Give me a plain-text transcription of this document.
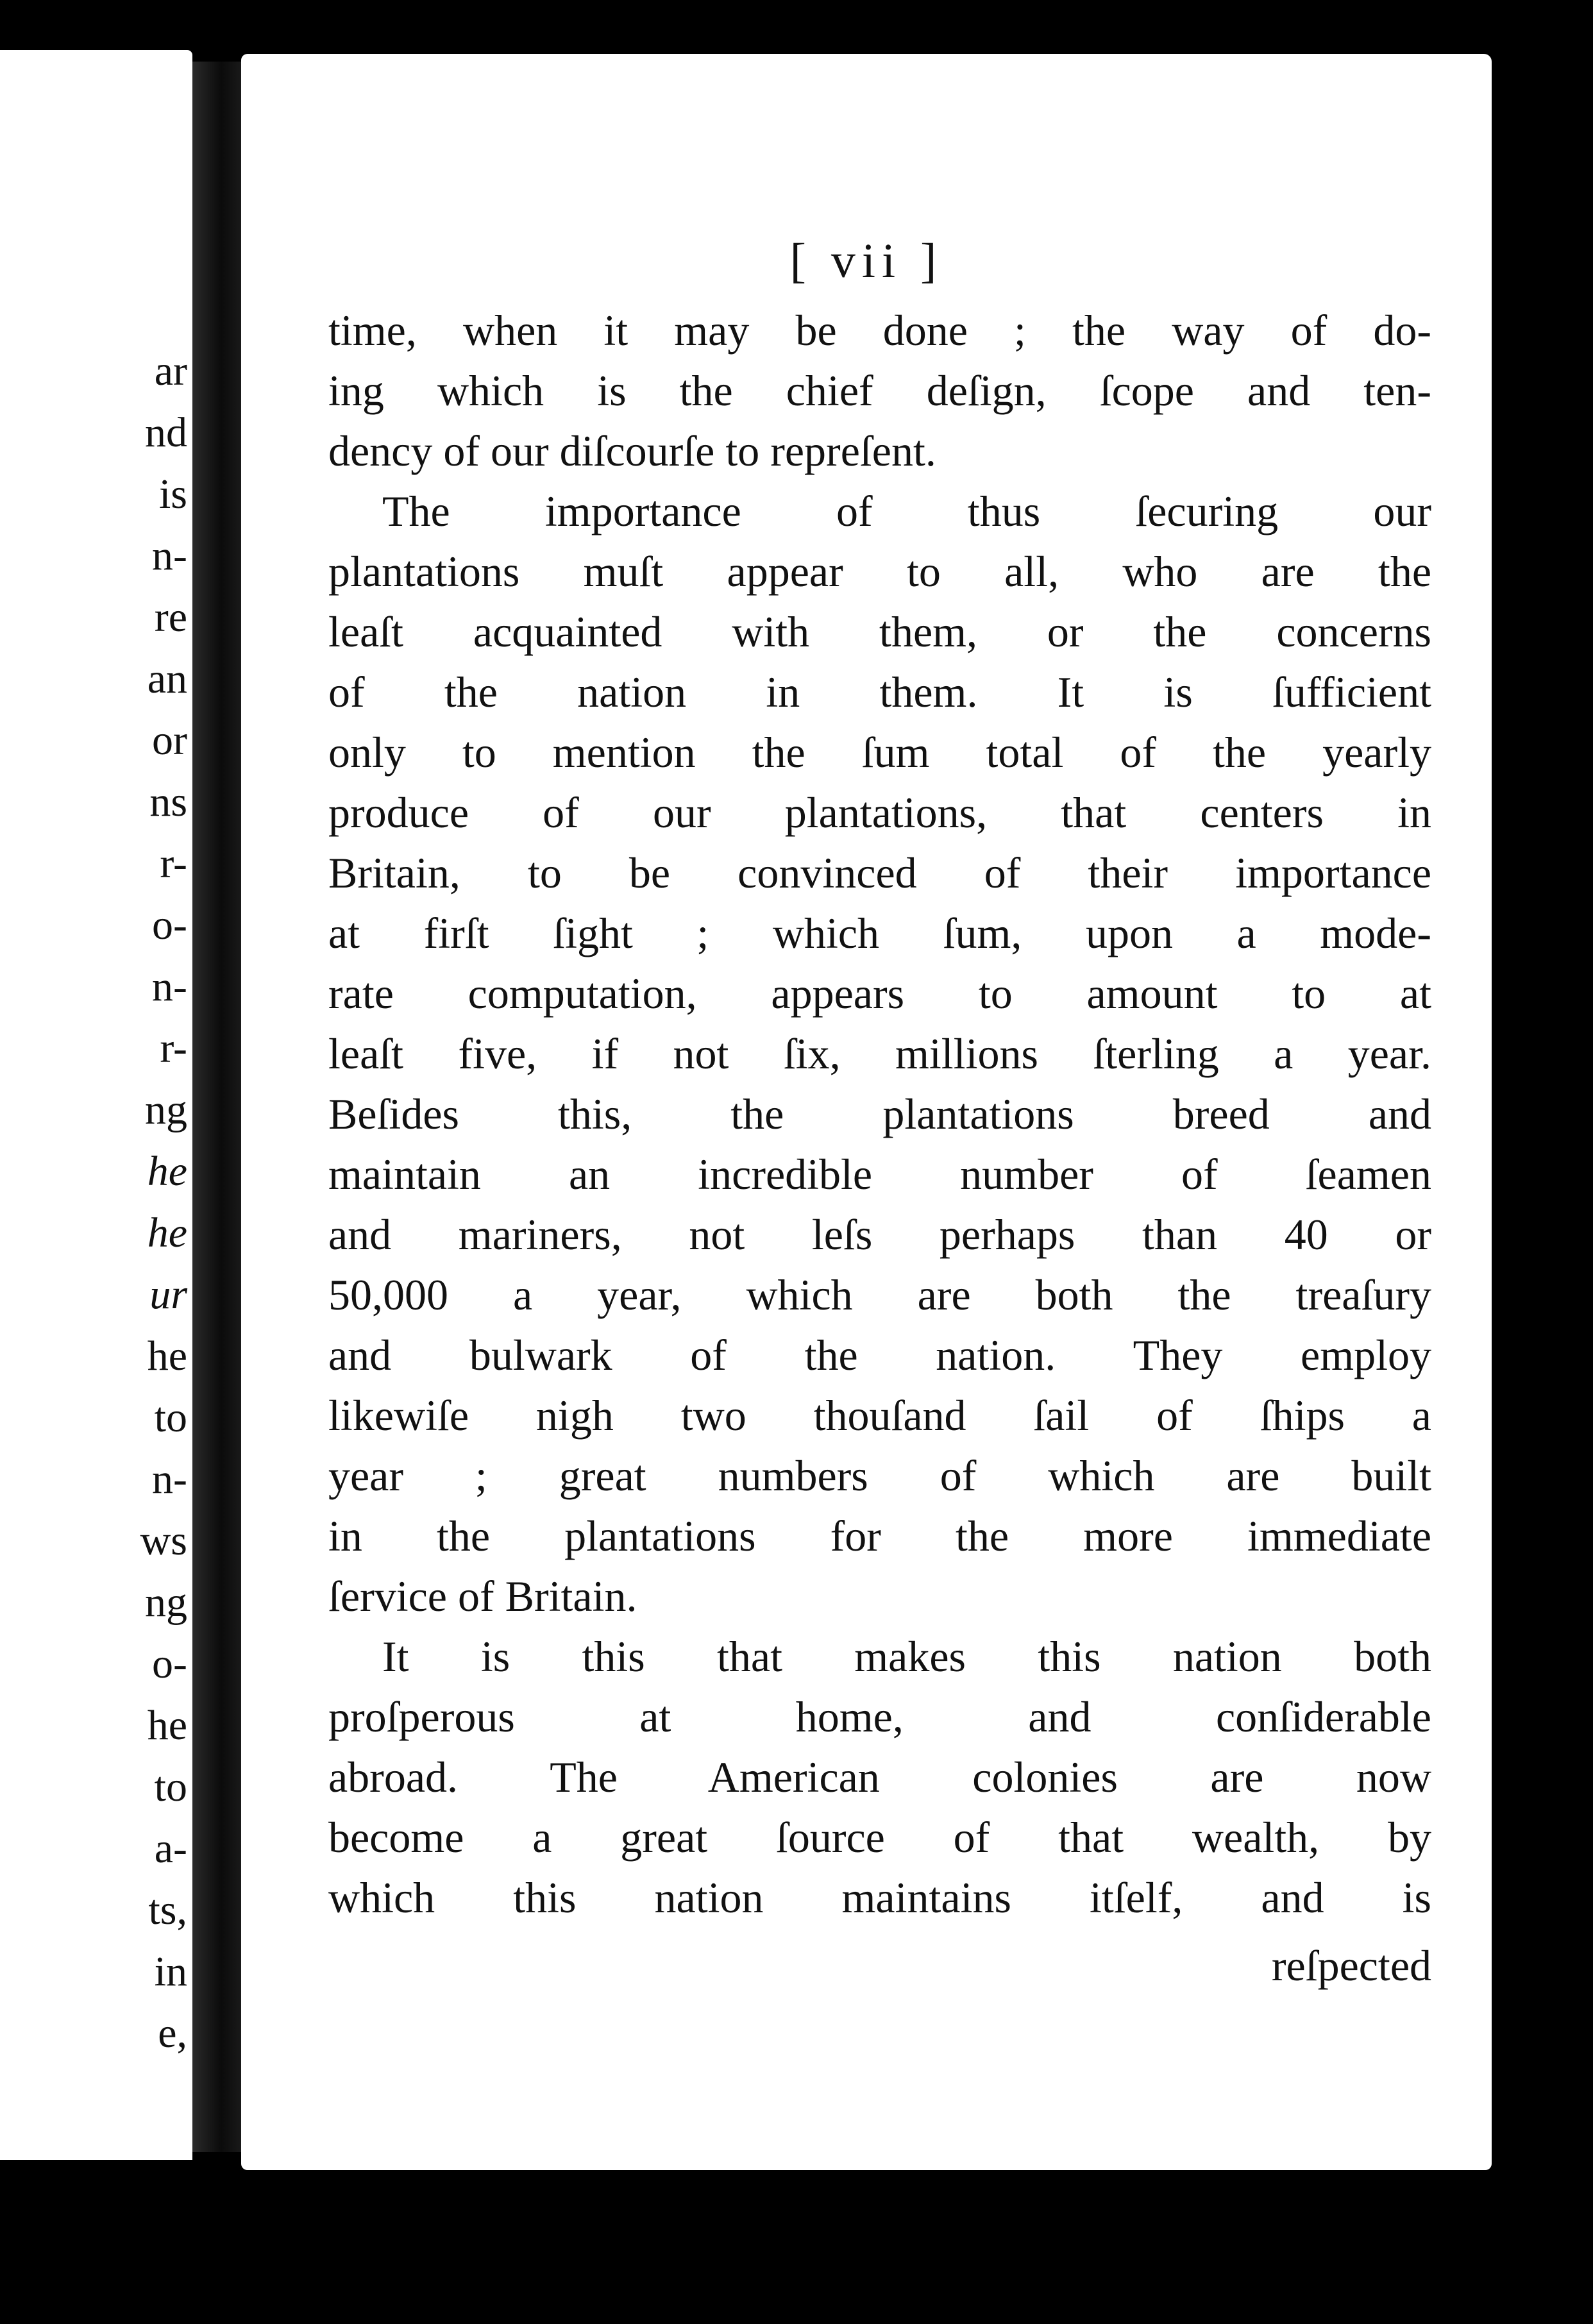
ar
nd
is
n-
re
an
or
ns
r-
o-
n-
r-
ng
he
he
ur
he
to
n-
ws
ng
o-
he
to
a-
ts,
in
e,
[ vii ]
time, when it may be done ; the way of do-
ing which is the chief deſign, ſcope and ten-
dency of our diſcourſe to repreſent.
The importance of thus ſecuring our
plantations muſt appear to all, who are the
leaſt acquainted with them, or the concerns
of the nation in them. It is ſufficient
only to mention the ſum total of the yearly
produce of our plantations, that centers in
Britain, to be convinced of their importance
at firſt ſight ; which ſum, upon a mode-
rate computation, appears to amount to at
leaſt five, if not ſix, millions ſterling a year.
Beſides this, the plantations breed and
maintain an incredible number of ſeamen
and mariners, not leſs perhaps than 40 or
50,000 a year, which are both the treaſury
and bulwark of the nation. They employ
likewiſe nigh two thouſand ſail of ſhips a
year ; great numbers of which are built
in the plantations for the more immediate
ſervice of Britain.
It is this that makes this nation both
proſperous at home, and conſiderable
abroad. The American colonies are now
become a great ſource of that wealth, by
which this nation maintains itſelf, and is
reſpected
